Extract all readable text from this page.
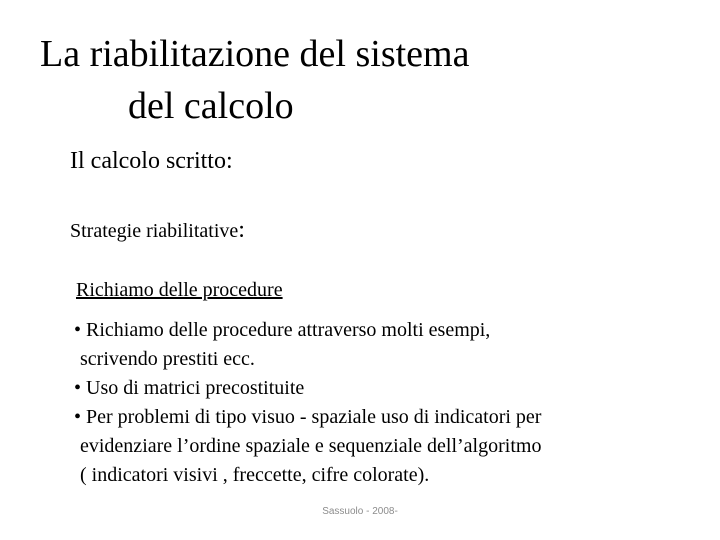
La riabilitazione del sistema
del calcolo
Il calcolo scritto:
Strategie riabilitative:
Richiamo delle procedure
• Richiamo delle procedure attraverso molti esempi,
scrivendo prestiti ecc.
• Uso di matrici precostituite
• Per problemi di tipo visuo - spaziale uso di indicatori per
evidenziare l’ordine spaziale e sequenziale dell’algoritmo
( indicatori visivi , freccette, cifre colorate).
Sassuolo - 2008-
